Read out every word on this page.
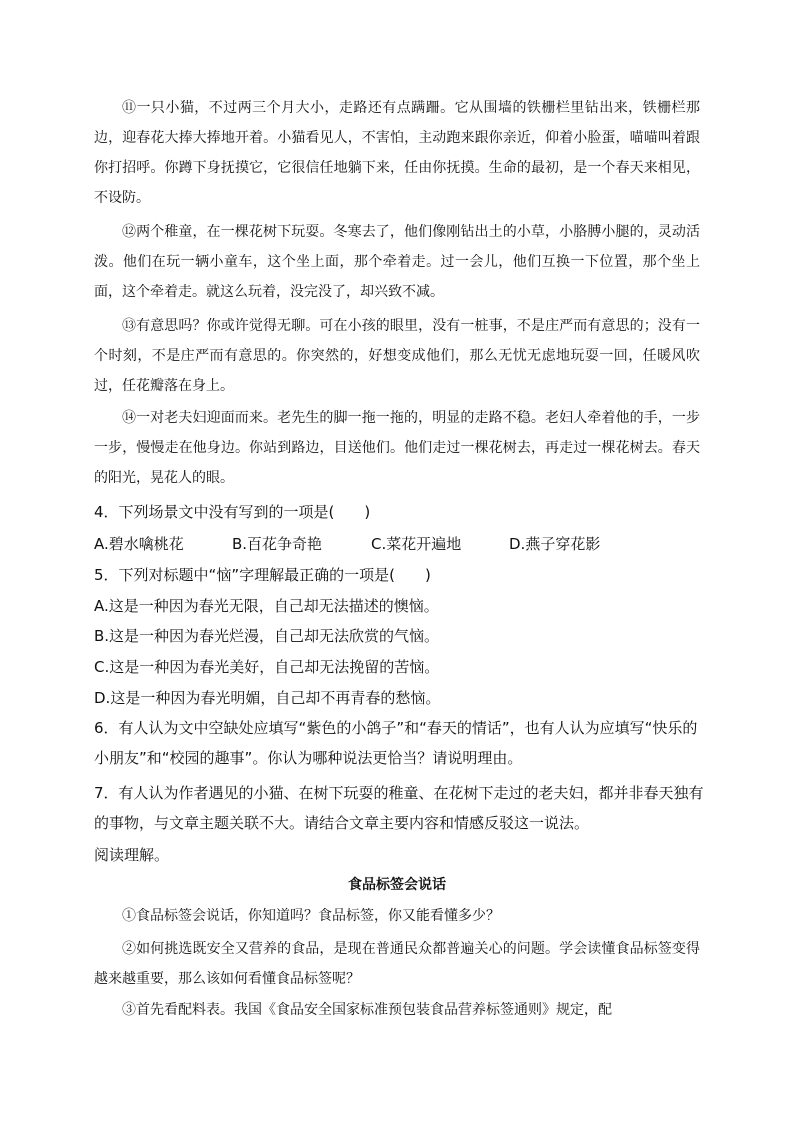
⑪一只小猫，不过两三个月大小，走路还有点蹒跚。它从围墙的铁栅栏里钻出来，铁栅栏那边，迎春花大捧大捧地开着。小猫看见人，不害怕，主动跑来跟你亲近，仰着小脸蛋，喵喵叫着跟你打招呼。你蹲下身抚摸它，它很信任地躺下来，任由你抚摸。生命的最初，是一个春天来相见，不设防。

⑫两个稚童，在一棵花树下玩耍。冬寒去了，他们像刚钻出土的小草，小胳膊小腿的，灵动活泼。他们在玩一辆小童车，这个坐上面，那个牵着走。过一会儿，他们互换一下位置，那个坐上面，这个牵着走。就这么玩着，没完没了，却兴致不减。

⑬有意思吗？你或许觉得无聊。可在小孩的眼里，没有一桩事，不是庄严而有意思的；没有一个时刻，不是庄严而有意思的。你突然的，好想变成他们，那么无忧无虑地玩耍一回，任暖风吹过，任花瓣落在身上。

⑭一对老夫妇迎面而来。老先生的脚一拖一拖的，明显的走路不稳。老妇人牵着他的手，一步一步，慢慢走在他身边。你站到路边，目送他们。他们走过一棵花树去，再走过一棵花树去。春天的阳光，晃花人的眼。

4．下列场景文中没有写到的一项是(　　)

A.碧水噙桃花	B.百花争奇艳	C.菜花开遍地	D.燕子穿花影

5．下列对标题中“恼”字理解最正确的一项是(　　)

A.这是一种因为春光无限，自己却无法描述的懊恼。

B.这是一种因为春光烂漫，自己却无法欣赏的气恼。

C.这是一种因为春光美好，自己却无法挽留的苦恼。

D.这是一种因为春光明媚，自己却不再青春的愁恼。

6．有人认为文中空缺处应填写“紫色的小鸽子”和“春天的情话”，也有人认为应填写“快乐的小朋友”和“校园的趣事”。你认为哪种说法更恰当？请说明理由。

7．有人认为作者遇见的小猫、在树下玩耍的稚童、在花树下走过的老夫妇，都并非春天独有的事物，与文章主题关联不大。请结合文章主要内容和情感反驳这一说法。

阅读理解。

食品标签会说话

①食品标签会说话，你知道吗？食品标签，你又能看懂多少？

②如何挑选既安全又营养的食品，是现在普通民众都普遍关心的问题。学会读懂食品标签变得越来越重要，那么该如何看懂食品标签呢？

③首先看配料表。我国《食品安全国家标准预包装食品营养标签通则》规定，配
